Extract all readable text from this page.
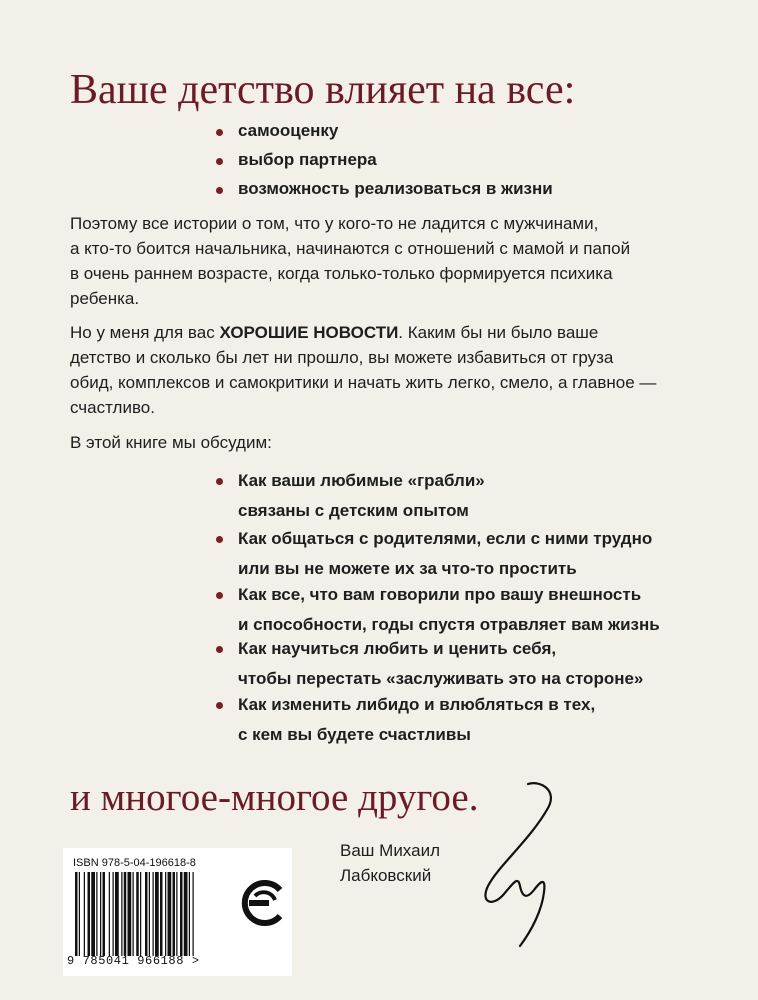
Ваше детство влияет на все:
самооценку
выбор партнера
возможность реализоваться в жизни

Поэтому все истории о том, что у кого-то не ладится с мужчинами,
а кто-то боится начальника, начинаются с отношений с мамой и папой
в очень раннем возрасте, когда только-только формируется психика
ребенка.

Но у меня для вас ХОРОШИЕ НОВОСТИ. Каким бы ни было ваше
детство и сколько бы лет ни прошло, вы можете избавиться от груза
обид, комплексов и самокритики и начать жить легко, смело, а главное —
счастливо.

В этой книге мы обсудим:

Как ваши любимые «грабли»
связаны с детским опытом
Как общаться с родителями, если с ними трудно
или вы не можете их за что-то простить
Как все, что вам говорили про вашу внешность
и способности, годы спустя отравляет вам жизнь
Как научиться любить и ценить себя,
чтобы перестать «заслуживать это на стороне»
Как изменить либидо и влюбляться в тех,
с кем вы будете счастливы
и многое-многое другое.
Ваш Михаил
Лабковский
ISBN 978-5-04-196618-8
9 785041 966188 >
